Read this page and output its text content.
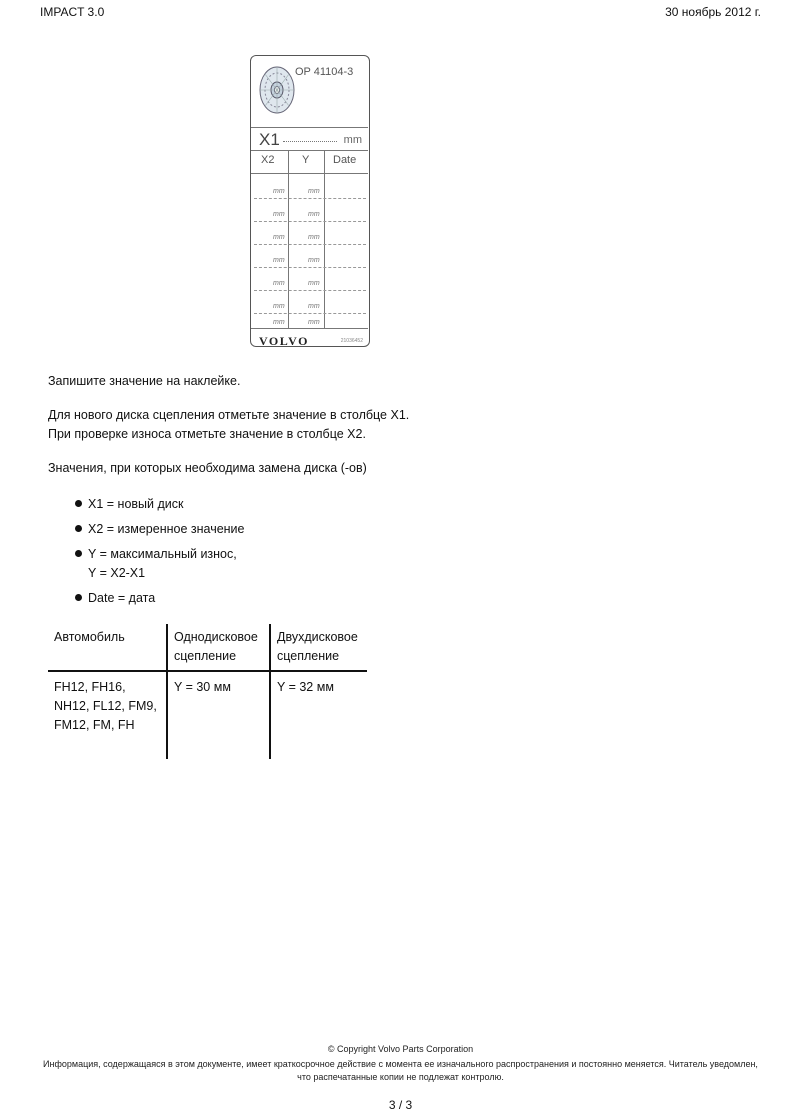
IMPACT 3.0	30 ноябрь 2012 г.
OP 41104-3
X1	mm
X2	Y Date
mm	mm
mm	mm
mm	mm
mm	mm
mm	mm
mm	mm
mm	mm
VOLVO	21036452
Запишите значение на наклейке.
Для нового диска сцепления отметьте значение в столбце X1.
При проверке износа отметьте значение в столбце X2.
Значения, при которых необходима замена диска (-ов)
X1 = новый диск
X2 = измеренное значение
Y = максимальный износ,
Y = X2-X1
Date = дата
Автомобиль	Однодисковое сцепление	Двухдисковое сцепление
FH12, FH16, NH12, FL12, FM9, FM12, FM, FH	Y = 30 мм	Y = 32 мм
© Copyright Volvo Parts Corporation
Информация, содержащаяся в этом документе, имеет краткосрочное действие с момента ее изначального распространения и постоянно меняется. Читатель уведомлен, что распечатанные копии не подлежат контролю.
3 / 3
